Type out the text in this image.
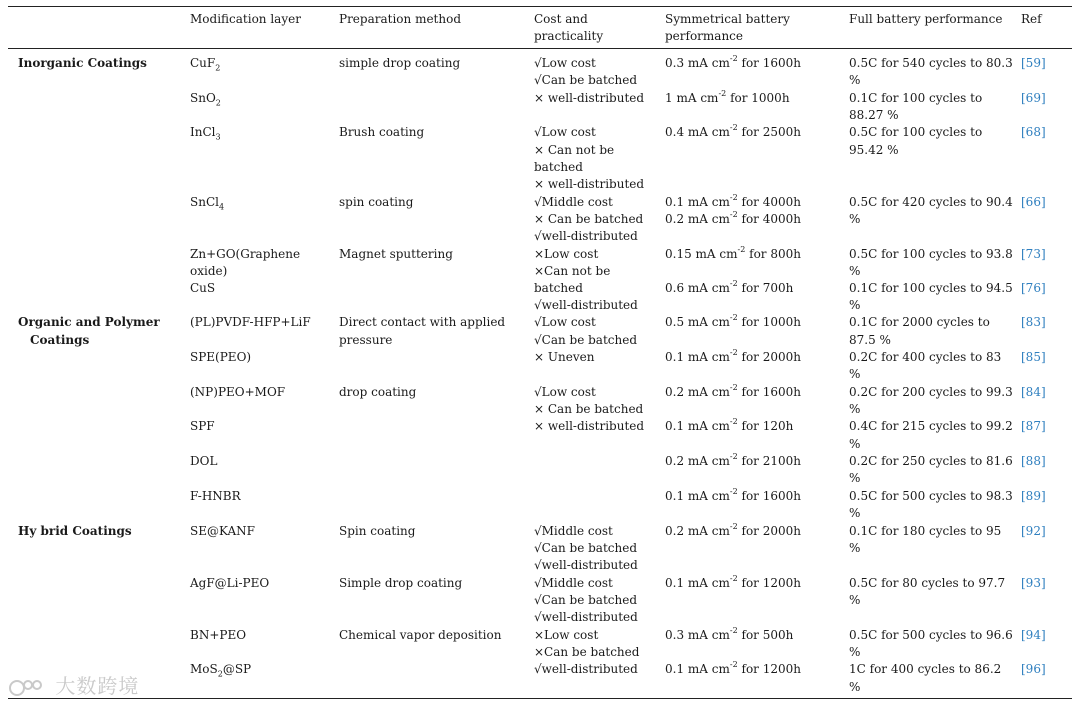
Modification layer	Preparation method	Cost and
practicality
Symmetrical battery
performance
Full battery performance Ref
Inorganic Coatings
Organic and Polymer
Coatings
Hy brid Coatings
CuF$_2$
SnO$_2$
InCl$_3$
SnCl$_4$
Zn+GO(Graphene
oxide)
CuS
(PL)PVDF-HFP+LiF
SPE(PEO)
(NP)PEO+MOF
SPF
DOL
F-HNBR
SE@KANF
AgF@Li-PEO
BN+PEO
MoS$_2$@SP
simple drop coating
Brush coating
spin coating
Magnet sputtering
Direct contact with applied
pressure
drop coating
Spin coating
Simple drop coating
Chemical vapor deposition
√Low cost
√Can be batched
× well-distributed
√Low cost
× Can not be
batched
× well-distributed
√Middle cost
× Can be batched
√well-distributed
×Low cost
×Can not be
batched
√well-distributed
√Low cost
√Can be batched
× Uneven
√Low cost
× Can be batched
× well-distributed
√Middle cost
√Can be batched
√well-distributed
√Middle cost
√Can be batched
√well-distributed
×Low cost
×Can be batched
√well-distributed
0.3 mA $cm^{-2}$ for 1600h
1 mA $cm^{-2}$ for 1000h
0.4 mA $cm^{-2}$ for 2500h
0.1 mA $cm^{-2}$ for 4000h
0.2 mA $cm^{-2}$ for 4000h
0.15 mA $cm^{-2}$ for 800h
0.6 mA $cm^{-2}$ for 700h
0.5 mA $cm^{-2}$ for 1000h
0.1 mA $cm^{-2}$ for 2000h
0.2 mA $cm^{-2}$ for 1600h
0.1 mA $cm^{-2}$ for 120h
0.2 mA $cm^{-2}$ for 2100h
0.1 mA $cm^{-2}$ for 1600h
0.2 mA $cm^{-2}$ for 2000h
0.1 mA $cm^{-2}$ for 1200h
0.3 mA $cm^{-2}$ for 500h
0.1 mA $cm^{-2}$ for 1200h
0.5C for 540 cycles to 80.3
%
0.1C for 100 cycles to
88.27 %
0.5C for 100 cycles to
95.42 %
0.5C for 420 cycles to 90.4
%
0.5C for 100 cycles to 93.8
%
0.1C for 100 cycles to 94.5
%
0.1C for 2000 cycles to
87.5 %
0.2C for 400 cycles to 83
%
0.2C for 200 cycles to 99.3
%
0.4C for 215 cycles to 99.2
%
0.2C for 250 cycles to 81.6
%
0.5C for 500 cycles to 98.3
%
0.1C for 180 cycles to 95
%
0.5C for 80 cycles to 97.7
%
0.5C for 500 cycles to 96.6
%
1C for 400 cycles to 86.2
%
[59]
[69]
[68]
[66]
[73]
[76]
[83]
[85]
[84]
[87]
[88]
[89]
[92]
[93]
[94]
[96]
大数跨境
